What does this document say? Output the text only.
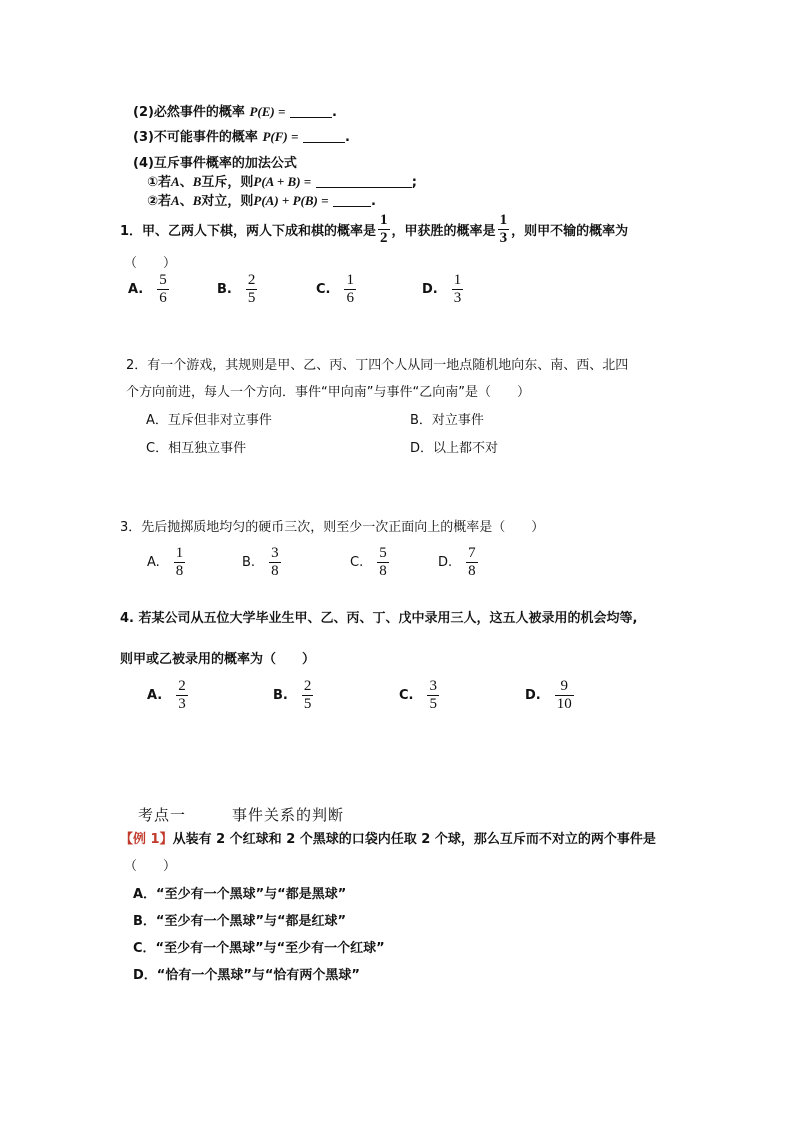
(2)必然事件的概率 P(E) =	.
(3)不可能事件的概率 P(F) =	.
(4)互斥事件概率的加法公式
①若A、B互斥，则P(A + B) =	;
②若A、B对立，则P(A) + P(B) =	.
1．甲、乙两人下棋，两人下成和棋的概率是 $\frac{1}{2}$ ，甲获胜的概率是 $\frac{1}{3}$ ，则甲不输的概率为
（　　）
A. $\frac{5}{6}$	B. $\frac{2}{5}$	C. $\frac{1}{6}$	D. $\frac{1}{3}$
2．有一个游戏，其规则是甲、乙、丙、丁四个人从同一地点随机地向东、南、西、北四
个方向前进，每人一个方向．事件“甲向南”与事件“乙向南”是（　　）
A．互斥但非对立事件	B．对立事件
C．相互独立事件	D．以上都不对
3．先后抛掷质地均匀的硬币三次，则至少一次正面向上的概率是（　　）
A. $\frac{1}{8}$	B. $\frac{3}{8}$	C. $\frac{5}{8}$	D. $\frac{7}{8}$
4. 若某公司从五位大学毕业生甲、乙、丙、丁、戊中录用三人，这五人被录用的机会均等,
则甲或乙被录用的概率为（　　）
A. $\frac{2}{3}$	B. $\frac{2}{5}$	C. $\frac{3}{5}$	D. $\frac{9}{10}$
考点一	事件关系的判断
【例 1】从装有 2 个红球和 2 个黑球的口袋内任取 2 个球，那么互斥而不对立的两个事件是
（　　）
A．“至少有一个黑球”与“都是黑球”
B．“至少有一个黑球”与“都是红球”
C．“至少有一个黑球”与“至少有一个红球”
D．“恰有一个黑球”与“恰有两个黑球”
